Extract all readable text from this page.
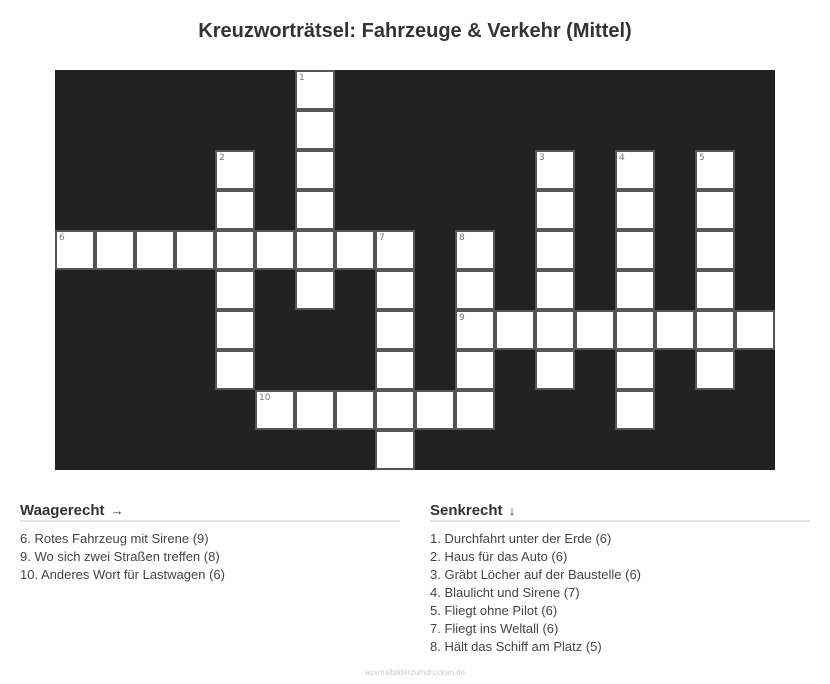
Kreuzworträtsel: Fahrzeuge & Verkehr (Mittel)
1
2	3	4	5
6	7	8
9
10
Waagerecht →
6. Rotes Fahrzeug mit Sirene (9)
9. Wo sich zwei Straßen treffen (8)
10. Anderes Wort für Lastwagen (6)
Senkrecht ↓
1. Durchfahrt unter der Erde (6)
2. Haus für das Auto (6)
3. Gräbt Löcher auf der Baustelle (6)
4. Blaulicht und Sirene (7)
5. Fliegt ohne Pilot (6)
7. Fliegt ins Weltall (6)
8. Hält das Schiff am Platz (5)
ausmalbilderzumdrucken.de
